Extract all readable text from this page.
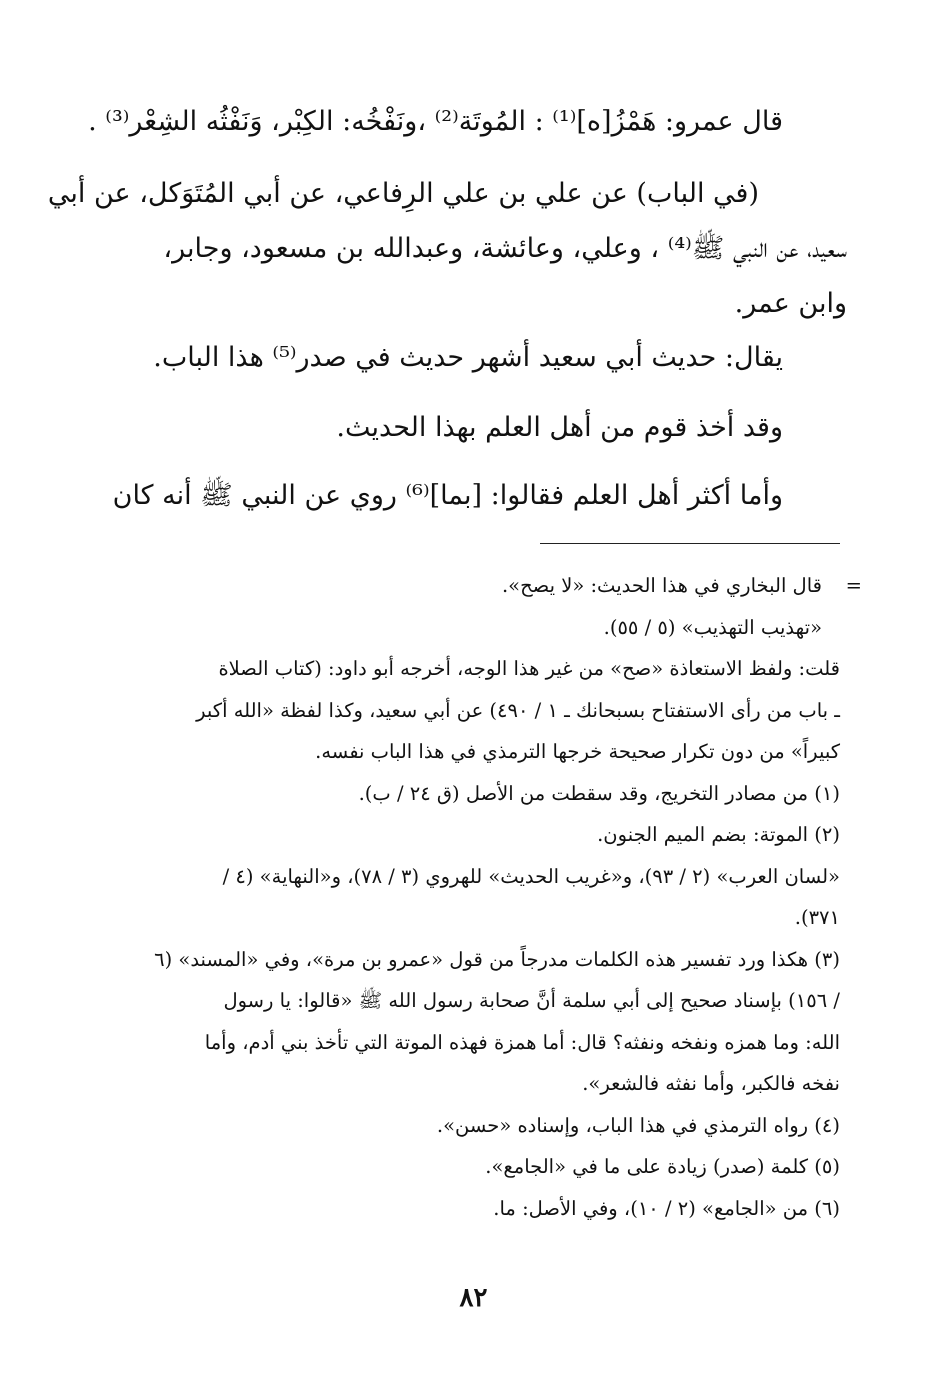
قال عمرو: هَمْزُ[ه]⁽¹⁾ : المُوتَة⁽²⁾ ،ونَفْخُه: الكِبْر، وَنَفْثُه الشِعْر⁽³⁾ .

(في الباب) عن علي بن علي الرِفاعي، عن أبي المُتَوَكل، عن أبي
سعيد، عن النبي ﷺ⁽⁴⁾ ، وعلي، وعائشة، وعبدالله بن مسعود، وجابر،
وابن عمر.

يقال: حديث أبي سعيد أشهر حديث في صدر⁽⁵⁾ هذا الباب.

وقد أخذ قوم من أهل العلم بهذا الحديث.

وأما أكثر أهل العلم فقالوا: [بما]⁽⁶⁾ روي عن النبي ﷺ أنه كان

=
قال البخاري في هذا الحديث: «لا يصح».
«تهذيب التهذيب» (٥ / ٥٥).
قلت: ولفظ الاستعاذة «صح» من غير هذا الوجه، أخرجه أبو داود: (كتاب الصلاة
ـ باب من رأى الاستفتاح بسبحانك ـ ١ / ٤٩٠) عن أبي سعيد، وكذا لفظة «الله أكبر
كبيراً» من دون تكرار صحيحة خرجها الترمذي في هذا الباب نفسه.
(١) من مصادر التخريج، وقد سقطت من الأصل (ق ٢٤ / ب).
(٢) الموتة: بضم الميم الجنون.
«لسان العرب» (٢ / ٩٣)، و«غريب الحديث» للهروي (٣ / ٧٨)، و«النهاية» (٤ /
٣٧١).
(٣) هكذا ورد تفسير هذه الكلمات مدرجاً من قول «عمرو بن مرة»، وفي «المسند» (٦
/ ١٥٦) بإسناد صحيح إلى أبي سلمة أنَّ صحابة رسول الله ﷺ «قالوا: يا رسول
الله: وما همزه ونفخه ونفثه؟ قال: أما همزة فهذه الموتة التي تأخذ بني أدم، وأما
نفخه فالكبر، وأما نفثه فالشعر».
(٤) رواه الترمذي في هذا الباب، وإسناده «حسن».
(٥) كلمة (صدر) زيادة على ما في «الجامع».
(٦) من «الجامع» (٢ / ١٠)، وفي الأصل: ما.
٨٢
